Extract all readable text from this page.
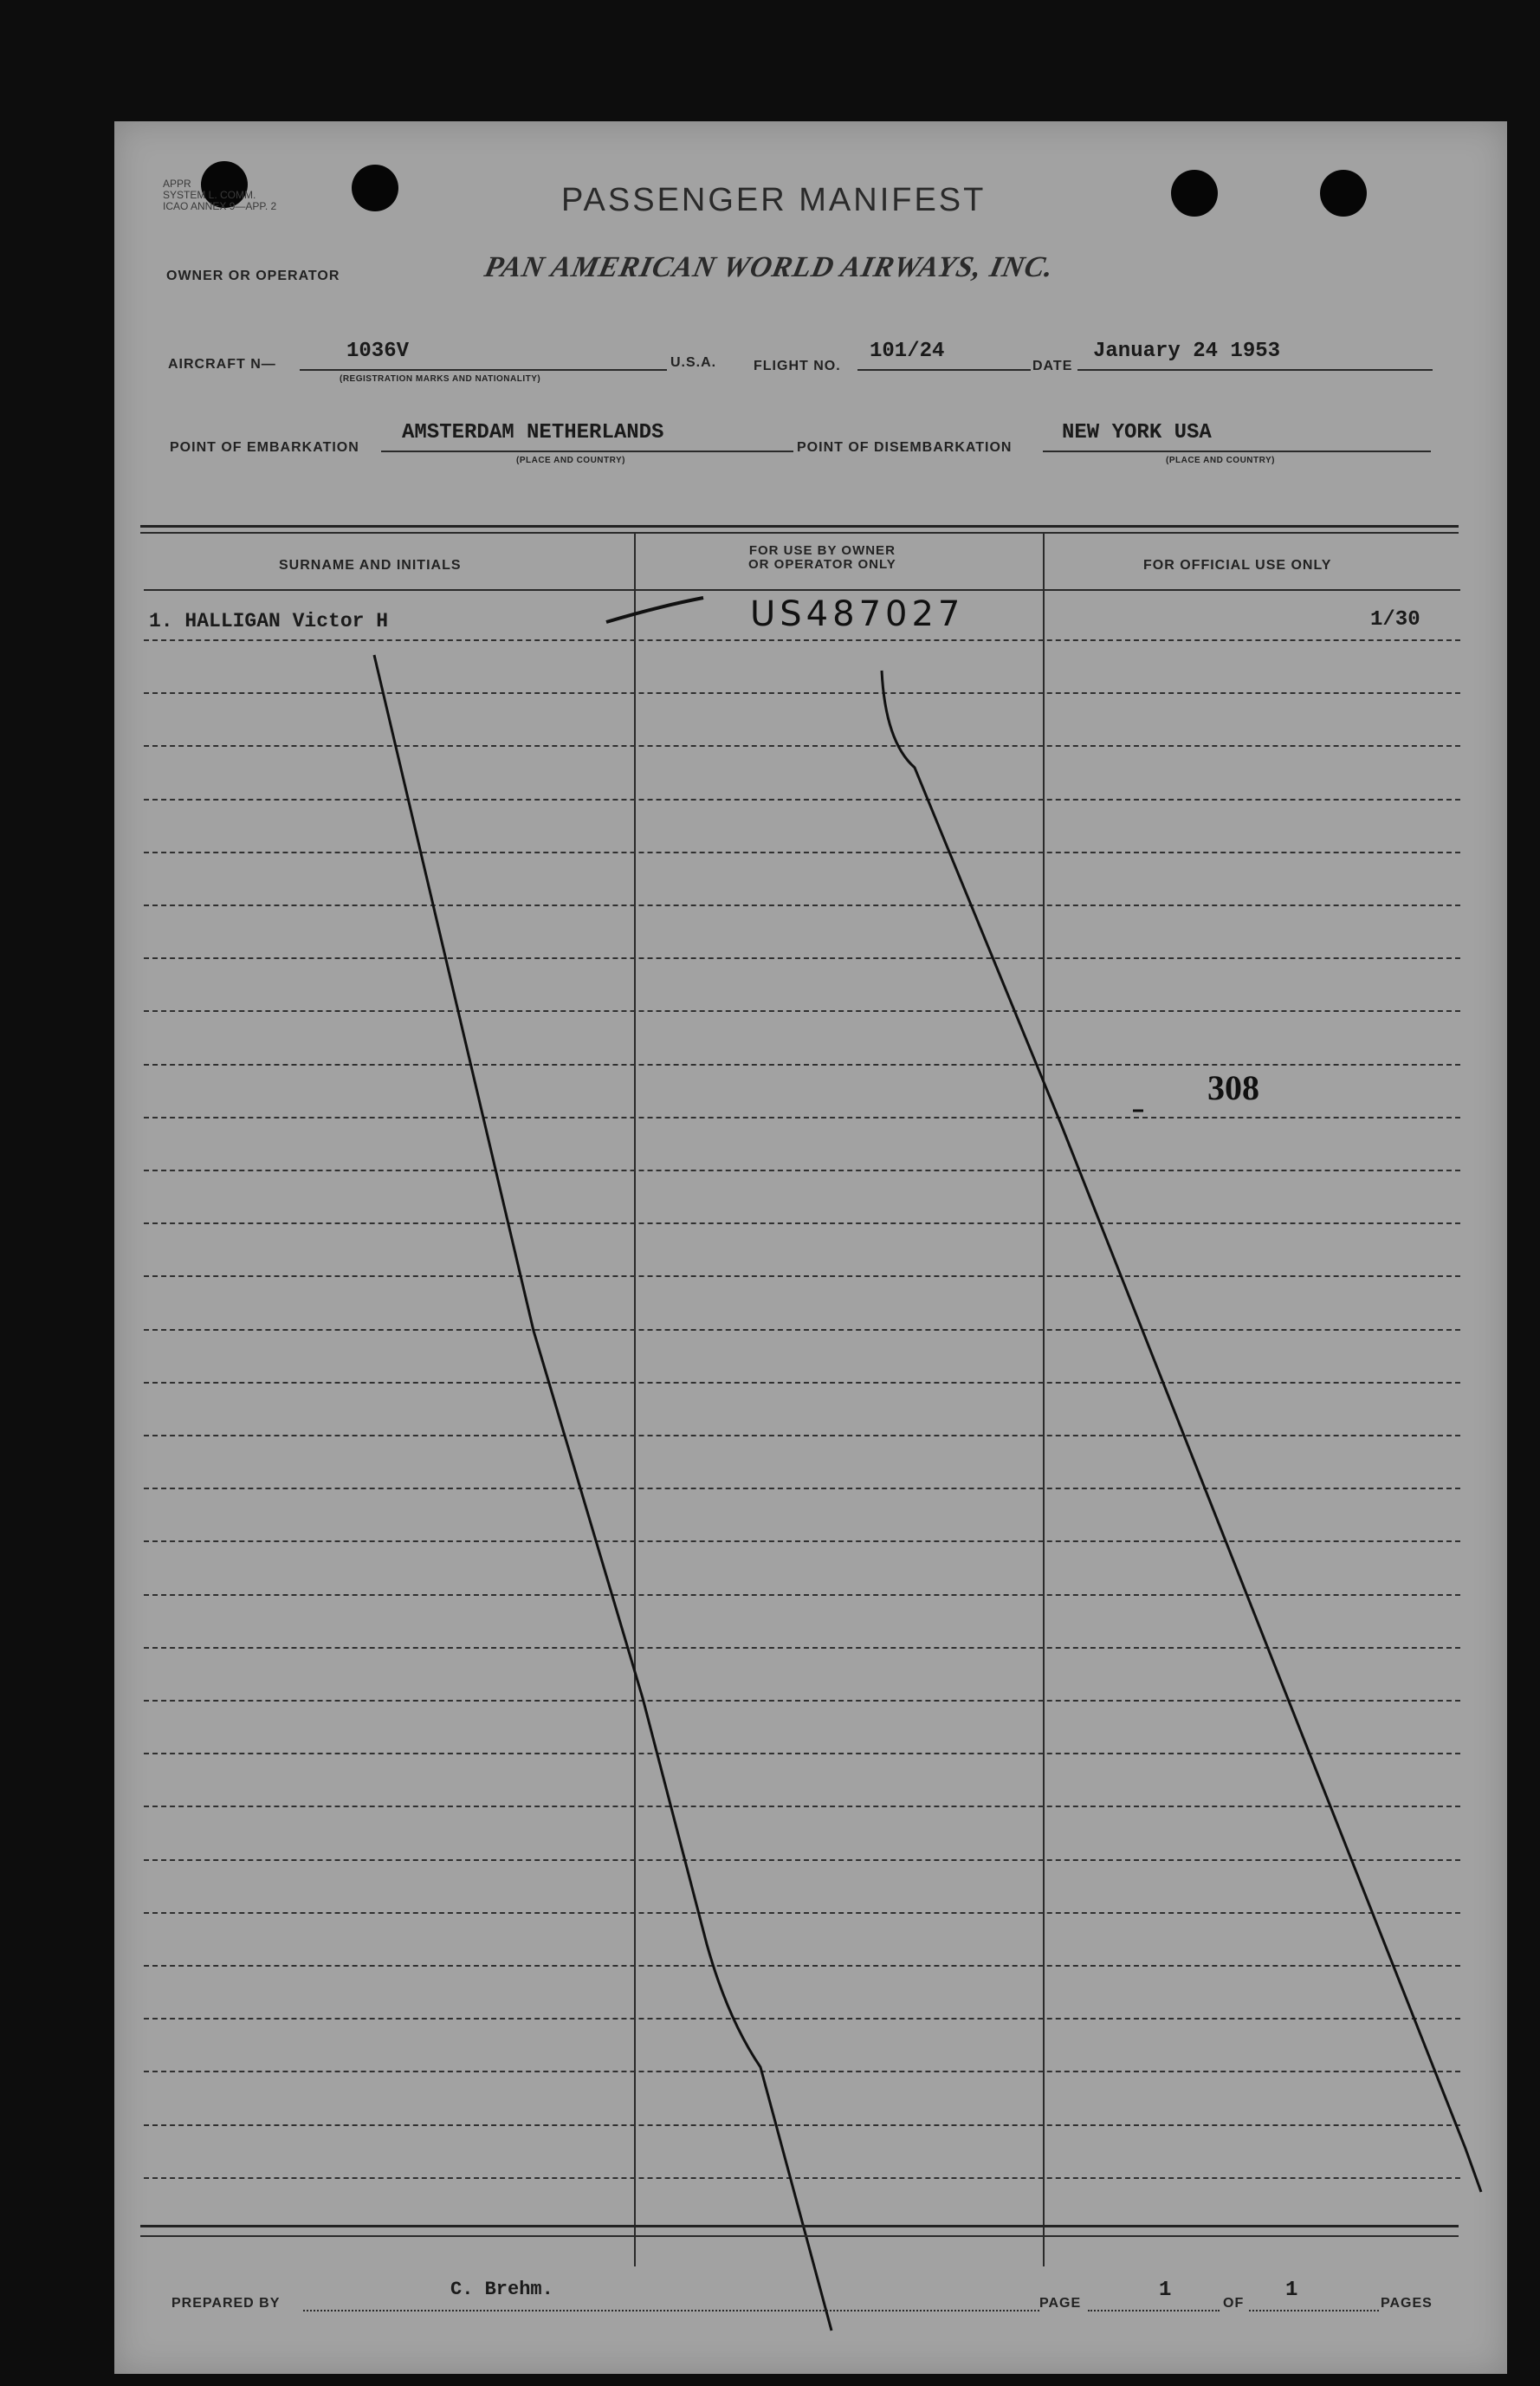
APPR
SYSTEM L. COMM.
ICAO ANNEX 9—APP. 2	PASSENGER MANIFEST
OWNER OR OPERATOR	PAN AMERICAN WORLD AIRWAYS, INC.
AIRCRAFT N—
1036V
(REGISTRATION MARKS AND NATIONALITY)
U.S.A.	FLIGHT NO.
101/24
DATE
January 24 1953
POINT OF EMBARKATION
AMSTERDAM NETHERLANDS
(PLACE AND COUNTRY)
POINT OF DISEMBARKATION
NEW YORK USA
(PLACE AND COUNTRY)
SURNAME AND INITIALS
FOR USE BY OWNER
OR OPERATOR ONLY	FOR OFFICIAL USE ONLY
1. HALLIGAN Victor H	US487027	1/30
308
PREPARED BY
C. Brehm.
PAGE
1
OF
1
PAGES
